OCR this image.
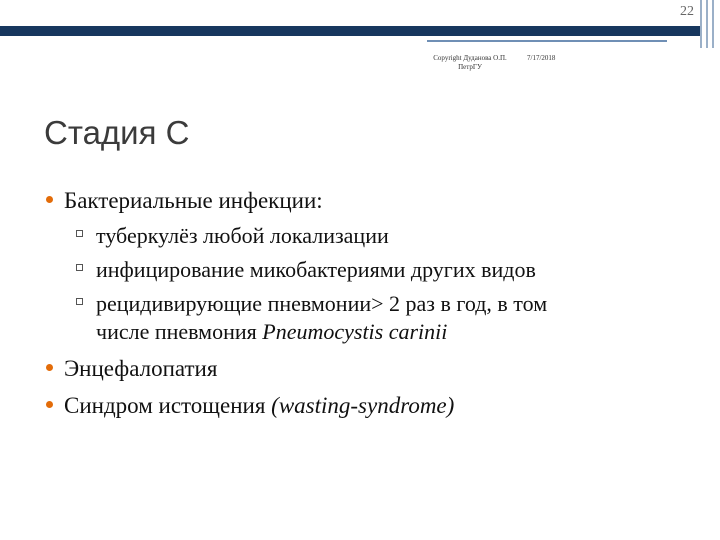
22
Copyright Дуданова О.П.
ПетрГУ
7/17/2018
Стадия С
Бактериальные инфекции:
туберкулёз любой локализации
инфицирование микобактериями других видов
рецидивирующие пневмонии> 2 раз в год, в том
числе пневмония Pneumocystis carinii
Энцефалопатия
Синдром истощения (wasting-syndrome)
